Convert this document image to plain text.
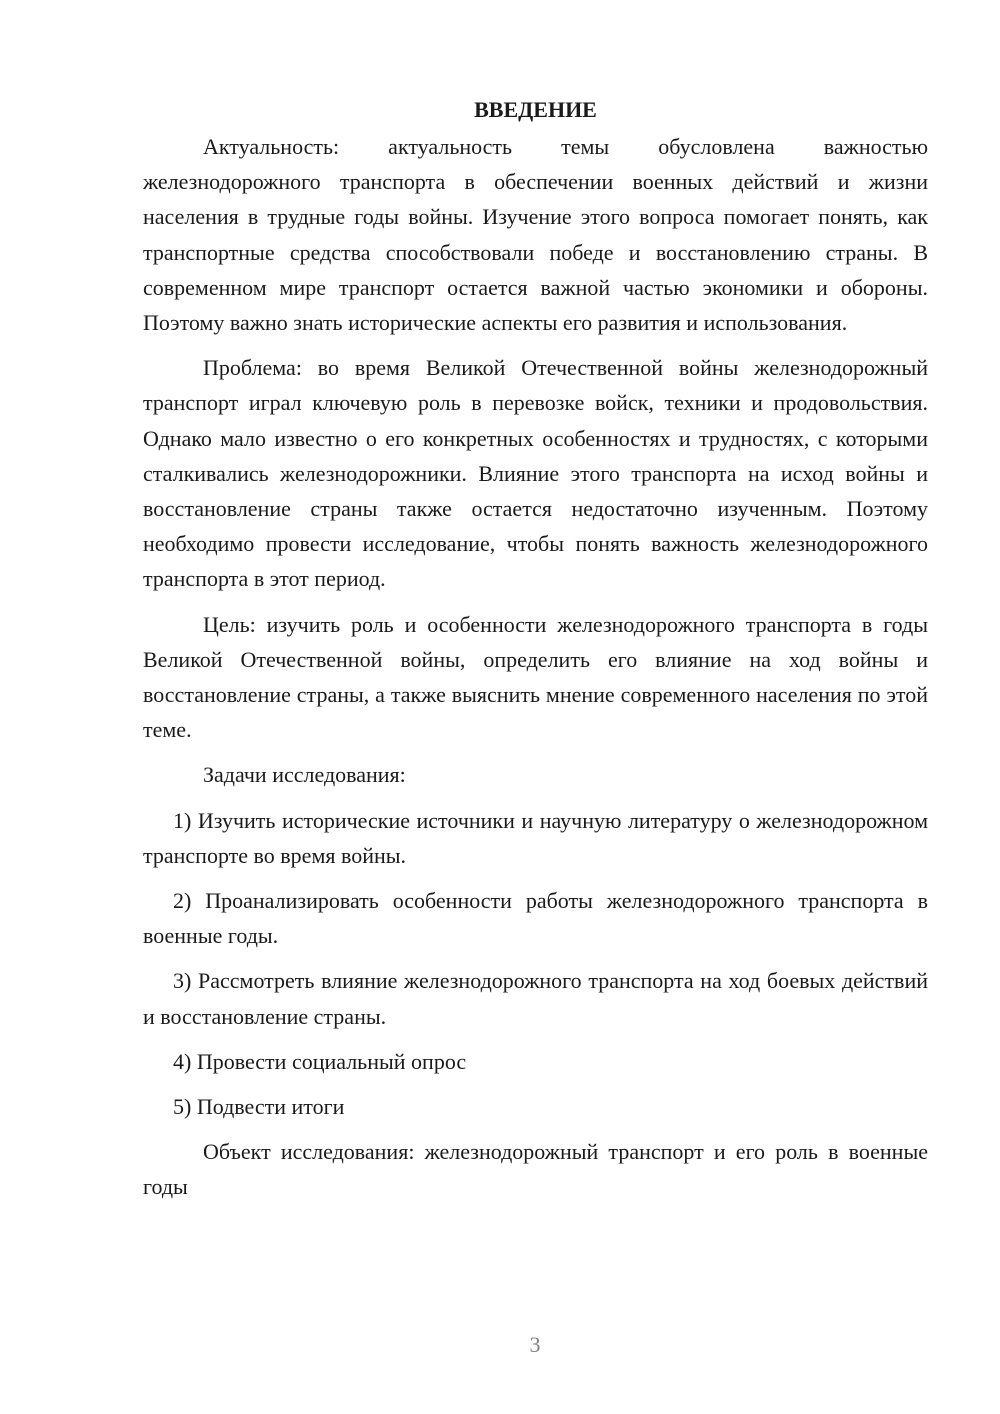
ВВЕДЕНИЕ

Актуальность: актуальность темы обусловлена важностью железнодорожного транспорта в обеспечении военных действий и жизни населения в трудные годы войны. Изучение этого вопроса помогает понять, как транспортные средства способствовали победе и восстановлению страны. В современном мире транспорт остается важной частью экономики и обороны. Поэтому важно знать исторические аспекты его развития и использования.

Проблема: во время Великой Отечественной войны железнодорожный транспорт играл ключевую роль в перевозке войск, техники и продовольствия. Однако мало известно о его конкретных особенностях и трудностях, с которыми сталкивались железнодорожники. Влияние этого транспорта на исход войны и восстановление страны также остается недостаточно изученным. Поэтому необходимо провести исследование, чтобы понять важность железнодорожного транспорта в этот период.

Цель: изучить роль и особенности железнодорожного транспорта в годы Великой Отечественной войны, определить его влияние на ход войны и восстановление страны, а также выяснить мнение современного населения по этой теме.

Задачи исследования:

1) Изучить исторические источники и научную литературу о железнодорожном транспорте во время войны.

2) Проанализировать особенности работы железнодорожного транспорта в военные годы.

3) Рассмотреть влияние железнодорожного транспорта на ход боевых действий и восстановление страны.

4) Провести социальный опрос

5) Подвести итоги

Объект исследования: железнодорожный транспорт и его роль в военные годы

3
